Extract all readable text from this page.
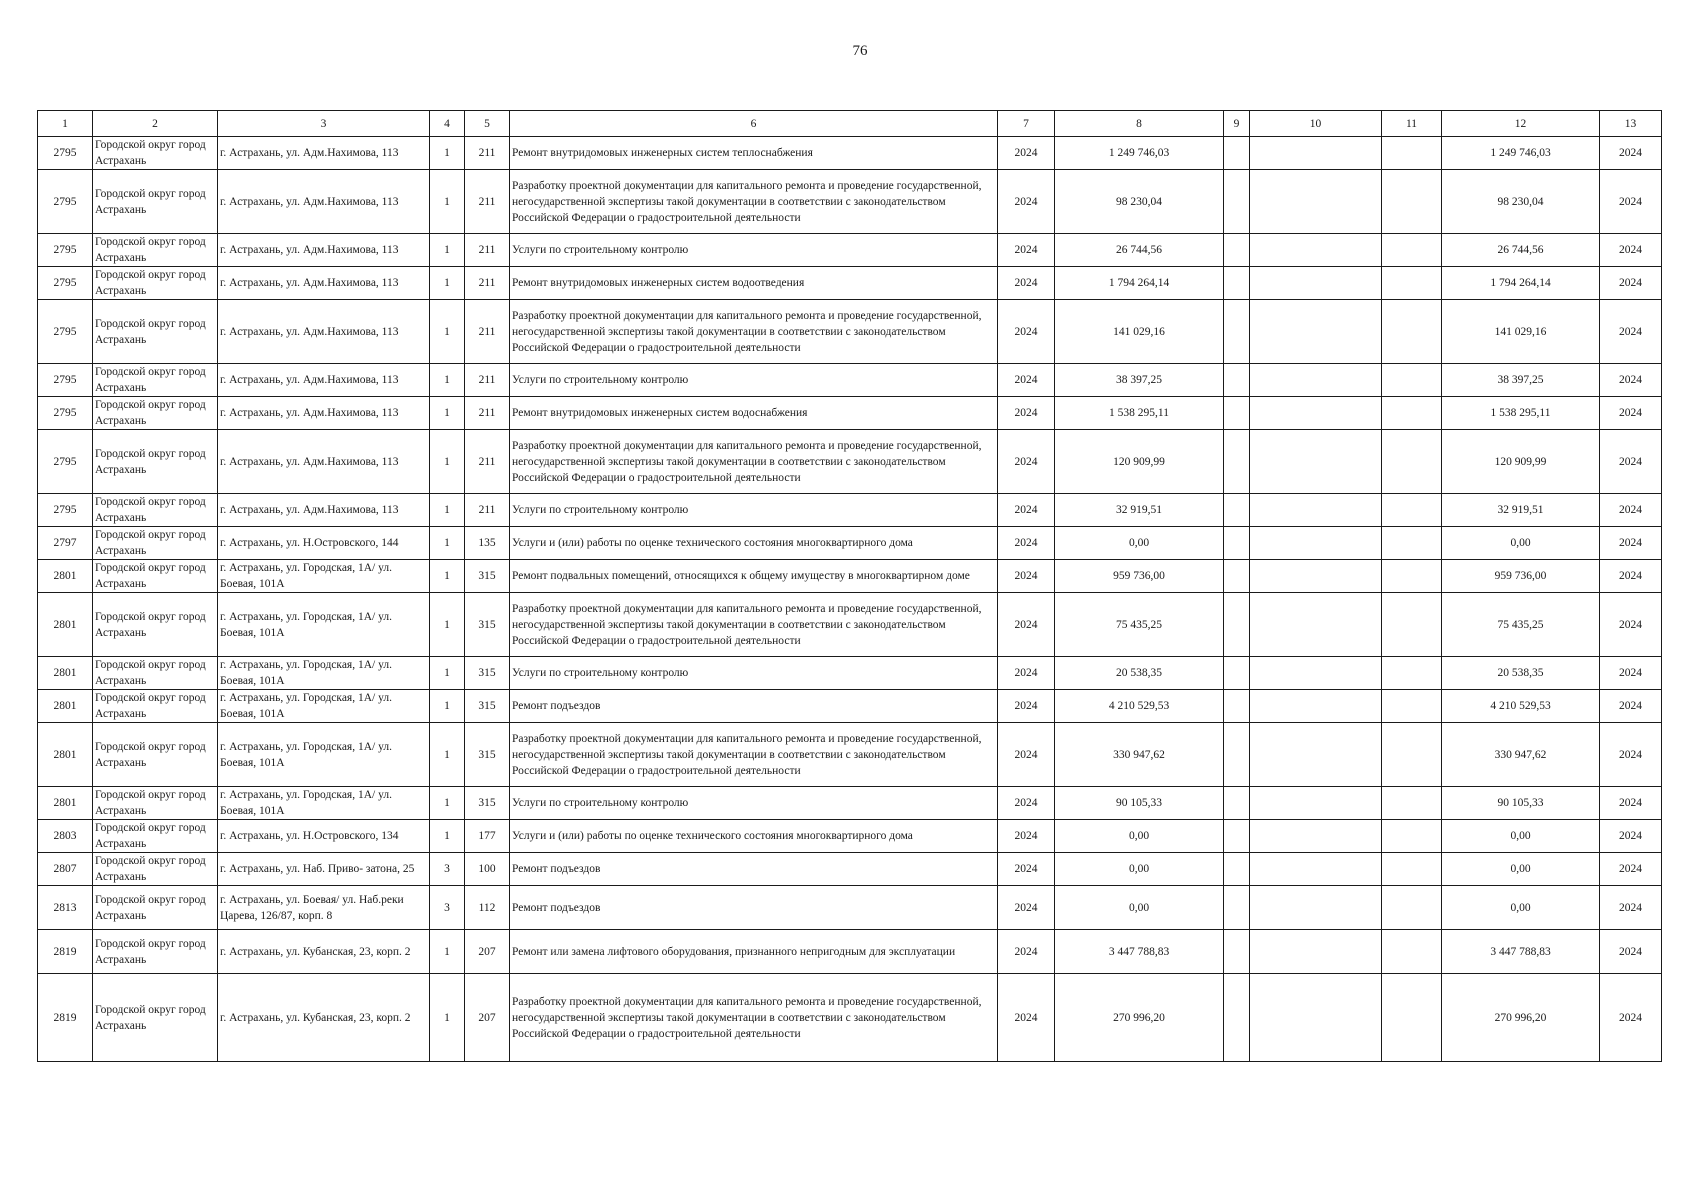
76
1	2	3	4	5	6	7	8	9	10	11	12	13
2795	Городской округ город Астрахань	г. Астрахань, ул. Адм.Нахимова, 113	1	211	Ремонт внутридомовых инженерных систем теплоснабжения	2024	1 249 746,03				1 249 746,03	2024
2795	Городской округ город Астрахань	г. Астрахань, ул. Адм.Нахимова, 113	1	211	Разработку проектной документации для капитального ремонта и проведение государственной, негосударственной экспертизы такой документации в соответствии с законодательством Российской Федерации о градостроительной деятельности	2024	98 230,04				98 230,04	2024
2795	Городской округ город Астрахань	г. Астрахань, ул. Адм.Нахимова, 113	1	211	Услуги по строительному контролю	2024	26 744,56				26 744,56	2024
2795	Городской округ город Астрахань	г. Астрахань, ул. Адм.Нахимова, 113	1	211	Ремонт внутридомовых инженерных систем водоотведения	2024	1 794 264,14				1 794 264,14	2024
2795	Городской округ город Астрахань	г. Астрахань, ул. Адм.Нахимова, 113	1	211	Разработку проектной документации для капитального ремонта и проведение государственной, негосударственной экспертизы такой документации в соответствии с законодательством Российской Федерации о градостроительной деятельности	2024	141 029,16				141 029,16	2024
2795	Городской округ город Астрахань	г. Астрахань, ул. Адм.Нахимова, 113	1	211	Услуги по строительному контролю	2024	38 397,25				38 397,25	2024
2795	Городской округ город Астрахань	г. Астрахань, ул. Адм.Нахимова, 113	1	211	Ремонт внутридомовых инженерных систем водоснабжения	2024	1 538 295,11				1 538 295,11	2024
2795	Городской округ город Астрахань	г. Астрахань, ул. Адм.Нахимова, 113	1	211	Разработку проектной документации для капитального ремонта и проведение государственной, негосударственной экспертизы такой документации в соответствии с законодательством Российской Федерации о градостроительной деятельности	2024	120 909,99				120 909,99	2024
2795	Городской округ город Астрахань	г. Астрахань, ул. Адм.Нахимова, 113	1	211	Услуги по строительному контролю	2024	32 919,51				32 919,51	2024
2797	Городской округ город Астрахань	г. Астрахань, ул. Н.Островского, 144	1	135	Услуги и (или) работы по оценке технического состояния многоквартирного дома	2024	0,00				0,00	2024
2801	Городской округ город Астрахань	г. Астрахань, ул. Городская, 1А/ ул. Боевая, 101А	1	315	Ремонт подвальных помещений, относящихся к общему имуществу в многоквартирном доме	2024	959 736,00				959 736,00	2024
2801	Городской округ город Астрахань	г. Астрахань, ул. Городская, 1А/ ул. Боевая, 101А	1	315	Разработку проектной документации для капитального ремонта и проведение государственной, негосударственной экспертизы такой документации в соответствии с законодательством Российской Федерации о градостроительной деятельности	2024	75 435,25				75 435,25	2024
2801	Городской округ город Астрахань	г. Астрахань, ул. Городская, 1А/ ул. Боевая, 101А	1	315	Услуги по строительному контролю	2024	20 538,35				20 538,35	2024
2801	Городской округ город Астрахань	г. Астрахань, ул. Городская, 1А/ ул. Боевая, 101А	1	315	Ремонт подъездов	2024	4 210 529,53				4 210 529,53	2024
2801	Городской округ город Астрахань	г. Астрахань, ул. Городская, 1А/ ул. Боевая, 101А	1	315	Разработку проектной документации для капитального ремонта и проведение государственной, негосударственной экспертизы такой документации в соответствии с законодательством Российской Федерации о градостроительной деятельности	2024	330 947,62				330 947,62	2024
2801	Городской округ город Астрахань	г. Астрахань, ул. Городская, 1А/ ул. Боевая, 101А	1	315	Услуги по строительному контролю	2024	90 105,33				90 105,33	2024
2803	Городской округ город Астрахань	г. Астрахань, ул. Н.Островского, 134	1	177	Услуги и (или) работы по оценке технического состояния многоквартирного дома	2024	0,00				0,00	2024
2807	Городской округ город Астрахань	г. Астрахань, ул. Наб. Приво- затона, 25	3	100	Ремонт подъездов	2024	0,00				0,00	2024
2813	Городской округ город Астрахань	г. Астрахань, ул. Боевая/ ул. Наб.реки Царева, 126/87, корп. 8	3	112	Ремонт подъездов	2024	0,00				0,00	2024
2819	Городской округ город Астрахань	г. Астрахань, ул. Кубанская, 23, корп. 2	1	207	Ремонт или замена лифтового оборудования, признанного непригодным для эксплуатации	2024	3 447 788,83				3 447 788,83	2024
2819	Городской округ город Астрахань	г. Астрахань, ул. Кубанская, 23, корп. 2	1	207	Разработку проектной документации для капитального ремонта и проведение государственной, негосударственной экспертизы такой документации в соответствии с законодательством Российской Федерации о градостроительной деятельности	2024	270 996,20				270 996,20	2024
